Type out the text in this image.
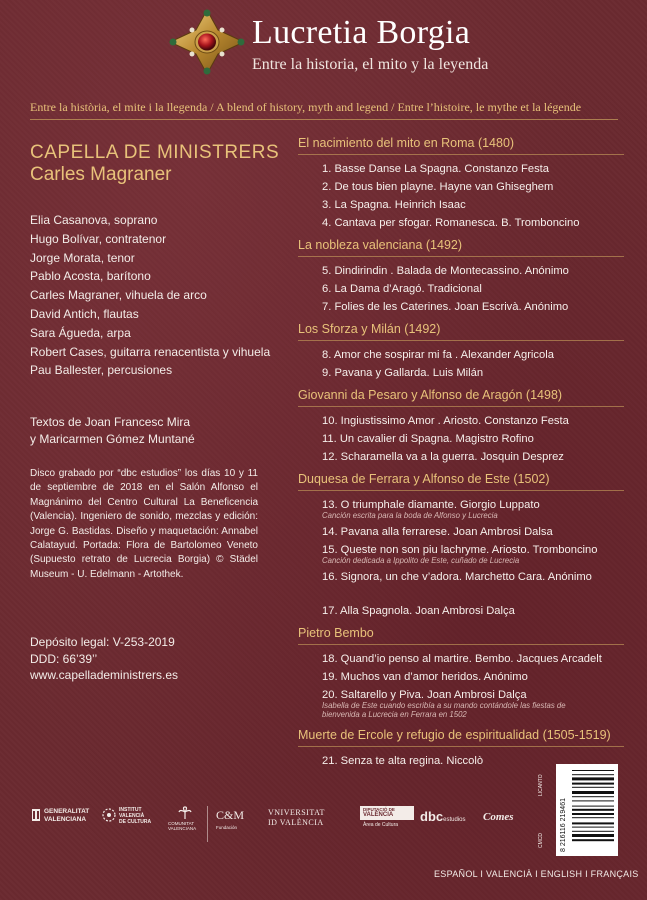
Lucretia Borgia
Entre la historia, el mito y la leyenda
Entre la història, el mite i la llegenda / A blend of history, myth and legend / Entre l’histoire, le mythe et la légende
CAPELLA DE MINISTRERS
Carles Magraner
Elia Casanova, soprano
Hugo Bolívar, contratenor
Jorge Morata, tenor
Pablo Acosta, barítono
Carles Magraner, vihuela de arco
David Antich, flautas
Sara Águeda, arpa
Robert Cases, guitarra renacentista y vihuela
Pau Ballester, percusiones
Textos de Joan Francesc Mira
y Maricarmen Gómez Muntané
Disco grabado por “dbc estudios” los días 10 y 11 de septiembre de 2018 en el Salón Alfonso el Magnánimo del Centro Cultural La Beneficencia (Valencia). Ingeniero de sonido, mezclas y edición: Jorge G. Bastidas. Diseño y maquetación: Annabel Calatayud. Portada: Flora de Bartolomeo Veneto (Supuesto retrato de Lucrecia Borgia) © Städel Museum - U. Edelmann - Artothek.
Depósito legal: V-253-2019
DDD: 66’39’’
www.capelladeministrers.es
El nacimiento del mito en Roma (1480)
1. Basse Danse La Spagna. Constanzo Festa
2. De tous bien playne. Hayne van Ghiseghem
3. La Spagna. Heinrich Isaac
4. Cantava per sfogar. Romanesca. B. Tromboncino
La nobleza valenciana (1492)
5. Dindirindin . Balada de Montecassino. Anónimo
6. La Dama d’Aragó. Tradicional
7. Folies de les Caterines. Joan Escrivà. Anónimo
Los Sforza y Milán (1492)
8. Amor che sospirar mi fa . Alexander Agricola
9. Pavana y Gallarda. Luis Milán
Giovanni da Pesaro y Alfonso de Aragón (1498)
10. Ingiustissimo Amor . Ariosto. Constanzo Festa
11. Un cavalier di Spagna. Magistro Rofino
12. Scharamella va a la guerra. Josquin Desprez
Duquesa de Ferrara y Alfonso de Este (1502)
13. O triumphale diamante. Giorgio Luppato
Canción escrita para la boda de Alfonso y Lucrecia
14. Pavana alla ferrarese. Joan Ambrosi Dalsa
15. Queste non son piu lachryme. Ariosto. Tromboncino
Canción dedicada a Ippolito de Este, cuñado de Lucrecia
16. Signora, un che v’adora. Marchetto Cara. Anónimo
17. Alla Spagnola. Joan Ambrosi Dalça
Pietro Bembo
18. Quand’io penso al martire. Bembo. Jacques Arcadelt
19. Muchos van d’amor heridos. Anónimo
20. Saltarello y Piva. Joan Ambrosi Dalça
Isabella de Este cuando escribía a su mando contándole las fiestas de
bienvenida a Lucrecia en Ferrara en 1502
Muerte de Ercole y refugio de espiritualidad (1505-1519)
21. Senza te alta regina. Niccolò
GENERALITAT
VALENCIANA
INSTITUT
VALENCIÀ
DE CULTURA	COMUNITAT
VALENCIANA
C&M
Fundación
VNIVERSITAT
ID VALÈNCIA
DIPUTACIÓ DE
VALÈNCIA
Àrea de Cultura
dbcestudios	Comes
LICANTO
CMCD 8 216116 219461
ESPAÑOL I VALENCIÀ I ENGLISH I FRANÇAIS
